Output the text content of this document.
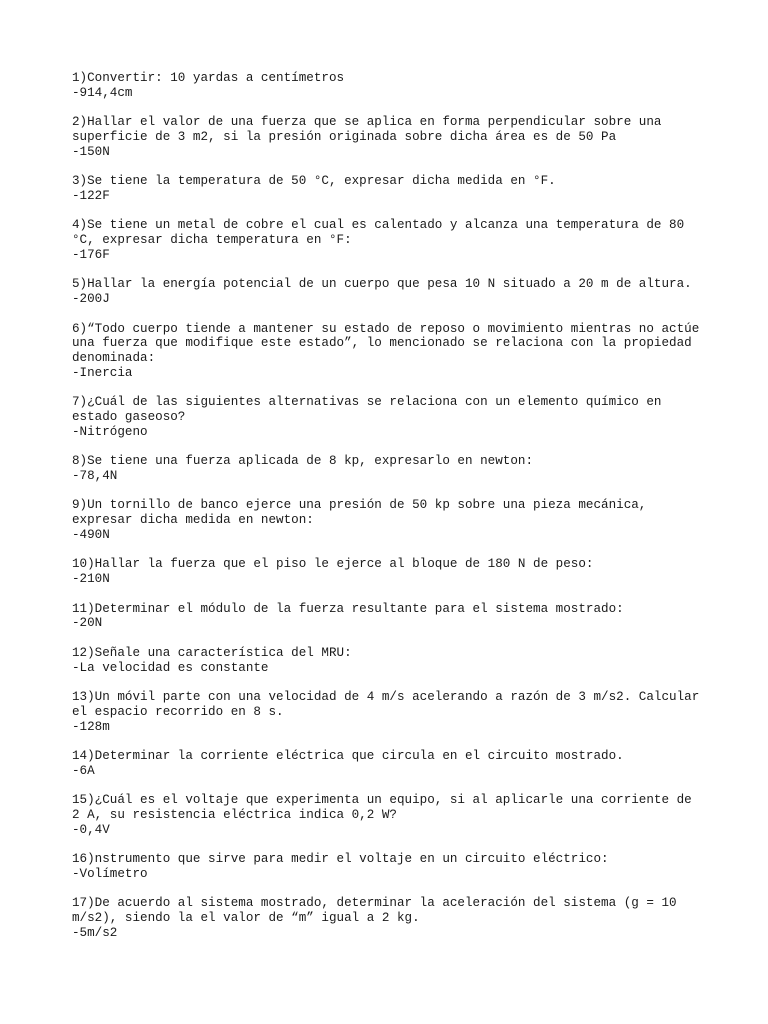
1)Convertir: 10 yardas a centímetros
-914,4cm
2)Hallar el valor de una fuerza que se aplica en forma perpendicular sobre una
superficie de 3 m2, si la presión originada sobre dicha área es de 50 Pa
-150N
3)Se tiene la temperatura de 50 °C, expresar dicha medida en °F.
-122F
4)Se tiene un metal de cobre el cual es calentado y alcanza una temperatura de 80
°C, expresar dicha temperatura en °F:
-176F
5)Hallar la energía potencial de un cuerpo que pesa 10 N situado a 20 m de altura.
-200J
6)“Todo cuerpo tiende a mantener su estado de reposo o movimiento mientras no actúe
una fuerza que modifique este estado”, lo mencionado se relaciona con la propiedad
denominada:
-Inercia
7)¿Cuál de las siguientes alternativas se relaciona con un elemento químico en
estado gaseoso?
-Nitrógeno
8)Se tiene una fuerza aplicada de 8 kp, expresarlo en newton:
-78,4N
9)Un tornillo de banco ejerce una presión de 50 kp sobre una pieza mecánica,
expresar dicha medida en newton:
-490N
10)Hallar la fuerza que el piso le ejerce al bloque de 180 N de peso:
-210N
11)Determinar el módulo de la fuerza resultante para el sistema mostrado:
-20N
12)Señale una característica del MRU:
-La velocidad es constante
13)Un móvil parte con una velocidad de 4 m/s acelerando a razón de 3 m/s2. Calcular
el espacio recorrido en 8 s.
-128m
14)Determinar la corriente eléctrica que circula en el circuito mostrado.
-6A
15)¿Cuál es el voltaje que experimenta un equipo, si al aplicarle una corriente de
2 A, su resistencia eléctrica indica 0,2 W?
-0,4V
16)nstrumento que sirve para medir el voltaje en un circuito eléctrico:
-Volímetro
17)De acuerdo al sistema mostrado, determinar la aceleración del sistema (g = 10
m/s2), siendo la el valor de “m” igual a 2 kg.
-5m/s2
